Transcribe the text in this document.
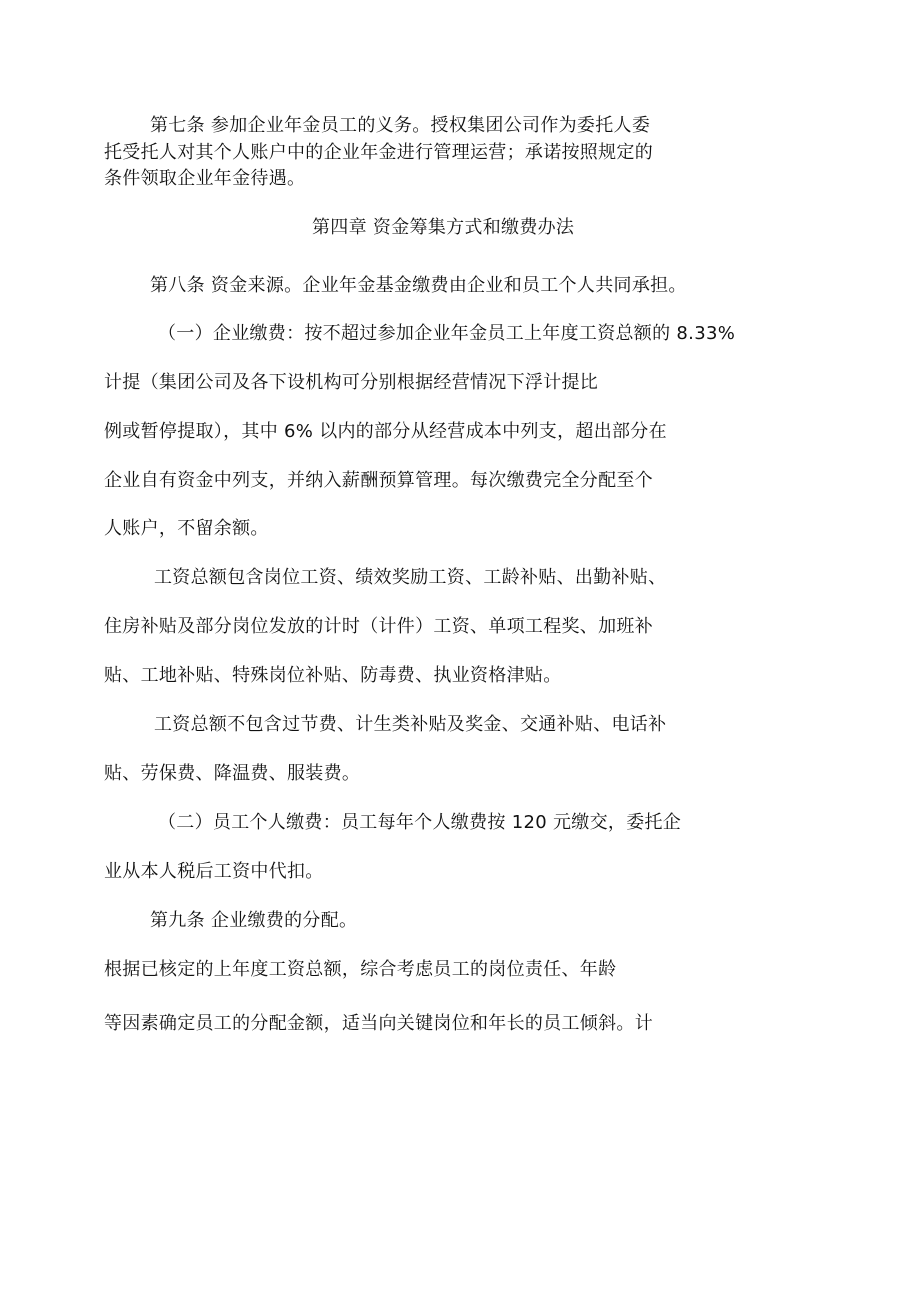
第七条 参加企业年金员工的义务。授权集团公司作为委托人委
托受托人对其个人账户中的企业年金进行管理运营；承诺按照规定的
条件领取企业年金待遇。
第四章 资金筹集方式和缴费办法
第八条 资金来源。企业年金基金缴费由企业和员工个人共同承担。
（一）企业缴费：按不超过参加企业年金员工上年度工资总额的 8.33%
计提（集团公司及各下设机构可分别根据经营情况下浮计提比
例或暂停提取），其中 6% 以内的部分从经营成本中列支，超出部分在
企业自有资金中列支，并纳入薪酬预算管理。每次缴费完全分配至个
人账户，不留余额。
工资总额包含岗位工资、绩效奖励工资、工龄补贴、出勤补贴、
住房补贴及部分岗位发放的计时（计件）工资、单项工程奖、加班补
贴、工地补贴、特殊岗位补贴、防毒费、执业资格津贴。
工资总额不包含过节费、计生类补贴及奖金、交通补贴、电话补
贴、劳保费、降温费、服装费。
（二）员工个人缴费：员工每年个人缴费按 120 元缴交，委托企
业从本人税后工资中代扣。
第九条 企业缴费的分配。
根据已核定的上年度工资总额，综合考虑员工的岗位责任、年龄
等因素确定员工的分配金额，适当向关键岗位和年长的员工倾斜。计
